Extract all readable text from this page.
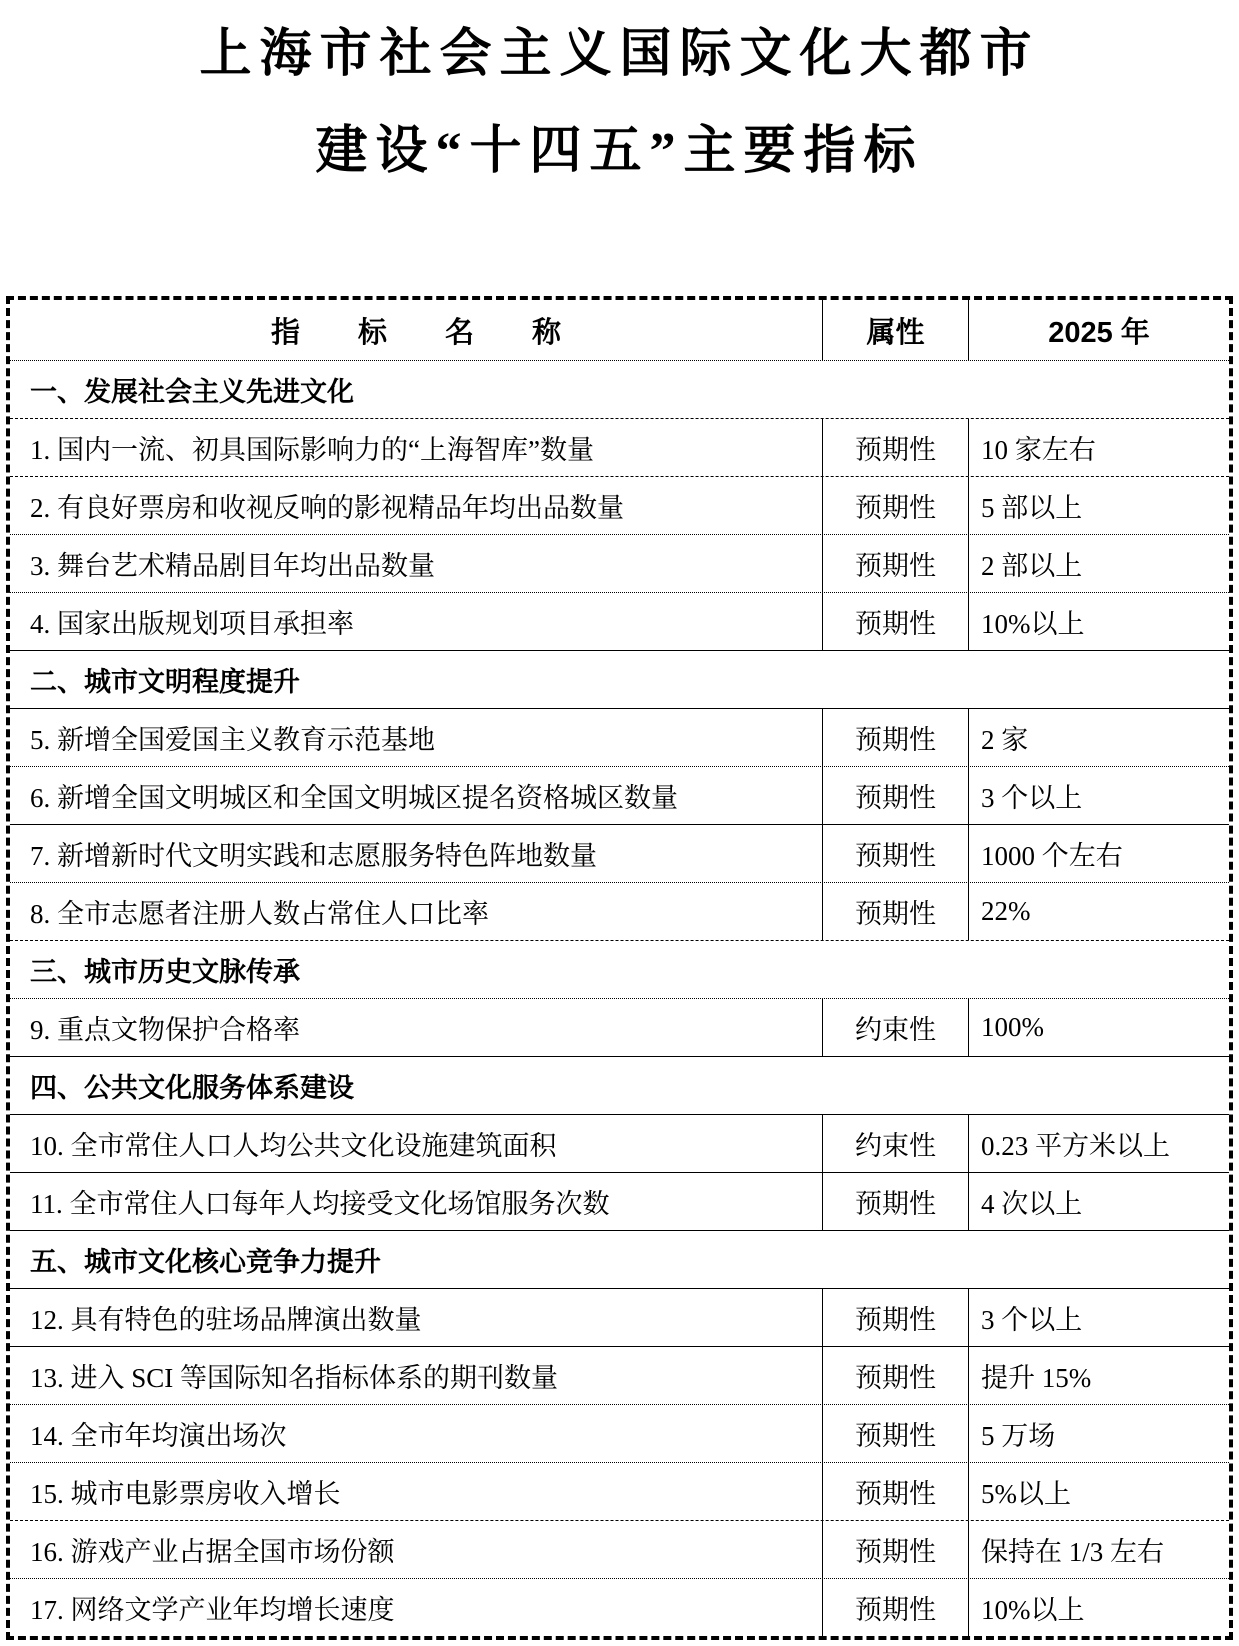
上海市社会主义国际文化大都市
建设“十四五”主要指标
指标名称	属性	2025 年
一、发展社会主义先进文化
1. 国内一流、初具国际影响力的“上海智库”数量	预期性	10 家左右
2. 有良好票房和收视反响的影视精品年均出品数量	预期性	5 部以上
3. 舞台艺术精品剧目年均出品数量	预期性	2 部以上
4. 国家出版规划项目承担率	预期性	10%以上
二、城市文明程度提升
5. 新增全国爱国主义教育示范基地	预期性	2 家
6. 新增全国文明城区和全国文明城区提名资格城区数量	预期性	3 个以上
7. 新增新时代文明实践和志愿服务特色阵地数量	预期性	1000 个左右
8. 全市志愿者注册人数占常住人口比率	预期性	22%
三、城市历史文脉传承
9. 重点文物保护合格率	约束性	100%
四、公共文化服务体系建设
10. 全市常住人口人均公共文化设施建筑面积	约束性	0.23 平方米以上
11. 全市常住人口每年人均接受文化场馆服务次数	预期性	4 次以上
五、城市文化核心竞争力提升
12. 具有特色的驻场品牌演出数量	预期性	3 个以上
13. 进入 SCI 等国际知名指标体系的期刊数量	预期性	提升 15%
14. 全市年均演出场次	预期性	5 万场
15. 城市电影票房收入增长	预期性	5%以上
16. 游戏产业占据全国市场份额	预期性	保持在 1/3 左右
17. 网络文学产业年均增长速度	预期性	10%以上
